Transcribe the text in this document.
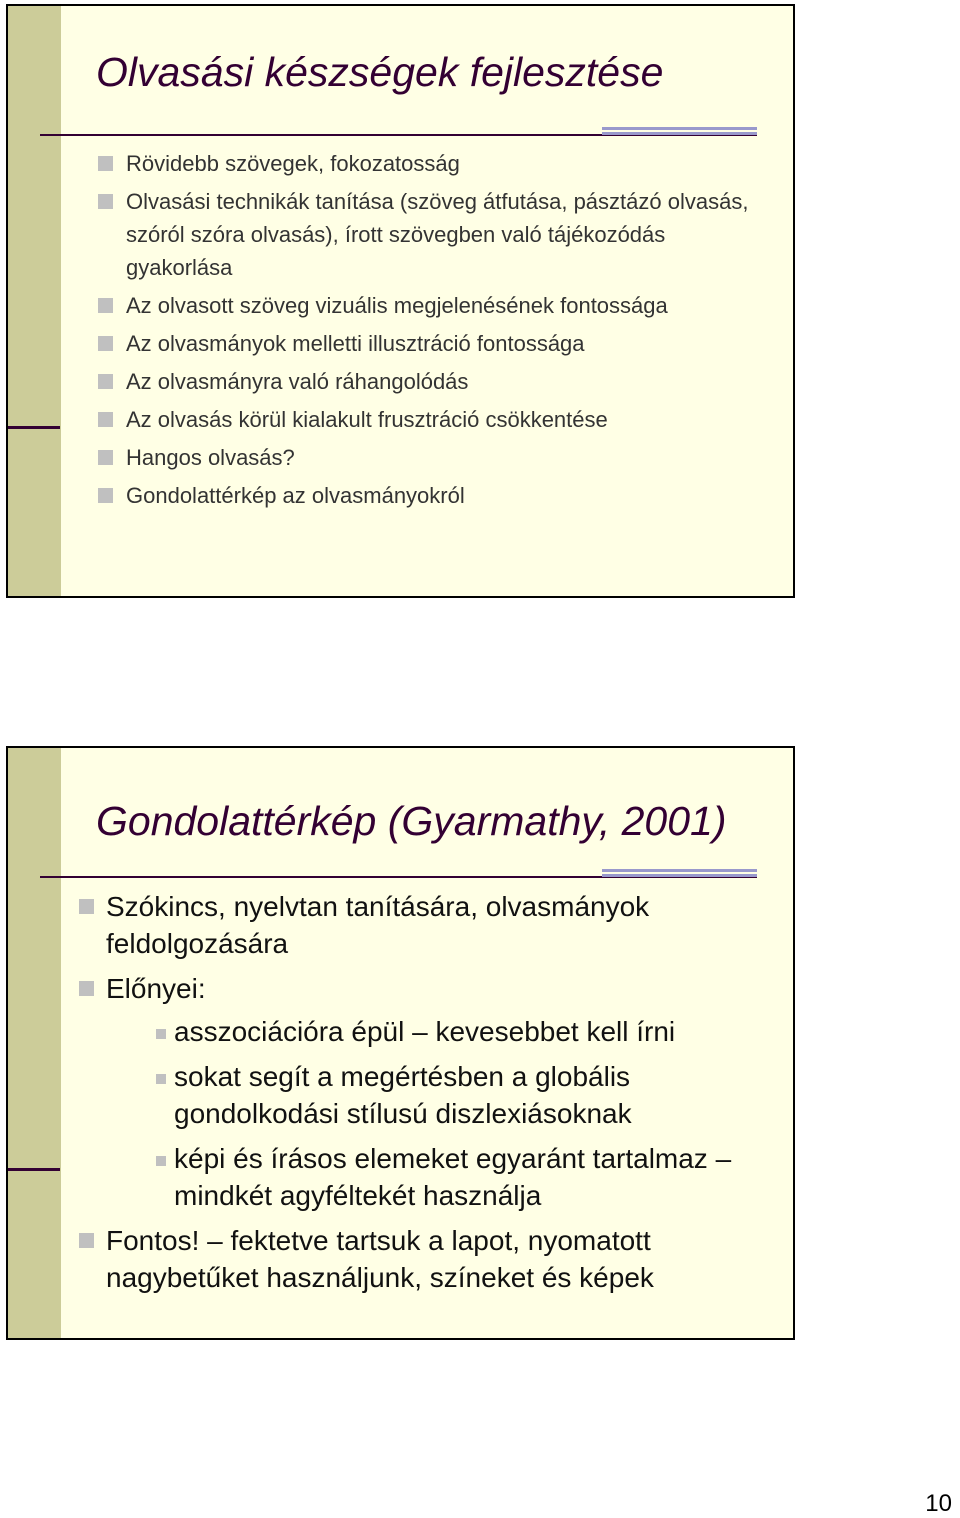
Olvasási készségek fejlesztése
Rövidebb szövegek, fokozatosság
Olvasási technikák tanítása (szöveg átfutása, pásztázó olvasás, szóról szóra olvasás), írott szövegben való tájékozódás gyakorlása
Az olvasott szöveg vizuális megjelenésének fontossága
Az olvasmányok melletti illusztráció fontossága
Az olvasmányra való ráhangolódás
Az olvasás körül kialakult frusztráció csökkentése
Hangos olvasás?
Gondolattérkép az olvasmányokról
Gondolattérkép (Gyarmathy, 2001)
Szókincs, nyelvtan tanítására, olvasmányok feldolgozására
Előnyei:
asszociációra épül – kevesebbet kell írni
sokat segít a megértésben a globális gondolkodási stílusú diszlexiásoknak
képi és írásos elemeket egyaránt tartalmaz – mindkét agyféltekét használja
Fontos! – fektetve tartsuk a lapot, nyomatott nagybetűket használjunk, színeket és képek
10
